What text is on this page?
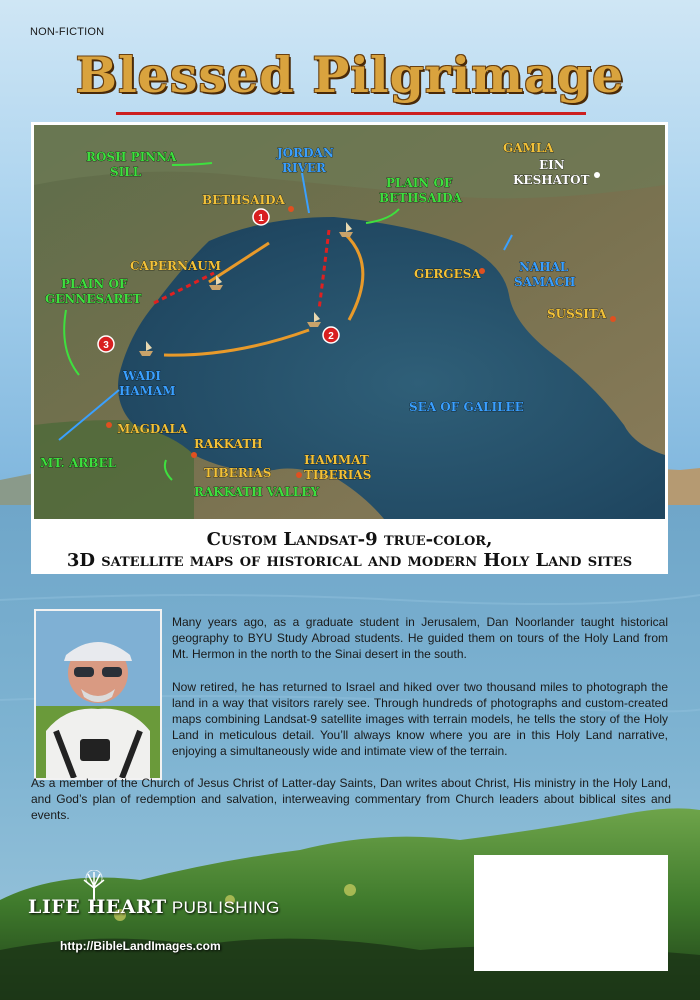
NON-FICTION
Blessed Pilgrimage
1
2
3
ROSH PINNA SILL
JORDAN RIVER
GAMLA
EIN KESHATOT
BETHSAIDA
PLAIN OF BETHSAIDA
CAPERNAUM
PLAIN OF GENNESARET
GERGESA	NAHAL SAMACH
SUSSITA
WADI HAMAM
SEA OF GALILEE
MAGDALA
MT. ARBEL
RAKKATH
TIBERIAS
HAMMAT TIBERIAS
RAKKATH VALLEY
Custom Landsat-9 true-color,
3D satellite maps of historical and modern Holy Land sites

Many years ago, as a graduate student in Jerusalem, Dan Noorlander taught historical geography to BYU Study Abroad students. He guided them on tours of the Holy Land from Mt. Hermon in the north to the Sinai desert in the south.

Now retired, he has returned to Israel and hiked over two thousand miles to photograph the land in a way that visitors rarely see. Through hundreds of photographs and custom-created maps combining Landsat-9 satellite images with terrain models, he tells the story of the Holy Land in meticulous detail. You’ll always know where you are in this Holy Land narrative, enjoying a simultaneously wide and intimate view of the terrain.

As a member of the Church of Jesus Christ of Latter-day Saints, Dan writes about Christ, His ministry in the Holy Land, and God’s plan of redemption and salvation, interweaving commentary from Church leaders about biblical sites and events.

LIFE HEART PUBLISHING
http://BibleLandImages.com
